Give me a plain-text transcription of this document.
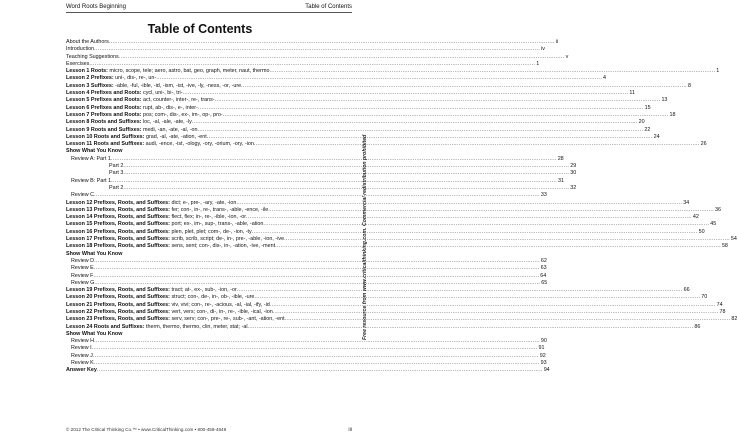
Word Roots Beginning	Table of Contents
Table of Contents
About the Authors .....	ii
Introduction .....	iv
Teaching Suggestions .....	v
Exercises .....	1
Lesson 1 Roots: micro, scope, tele; aero, astro, bat, geo, graph, meter, naut, thermo .....	1
Lesson 2 Prefixes: uni-, dis-, re-, un- .....	4
Lesson 3 Suffixes: -able, -ful, -ible, -id, -ism, -ist, -ive, -ly, -ness, -or, -ure .....	8
Lesson 4 Prefixes and Roots: cycl, uni-, bi-, tri- .....	11
Lesson 5 Prefixes and Roots: act, counter-, inter-, re-, trans- .....	13
Lesson 6 Prefixes and Roots: rupt, ab-, dis-, e-, inter- .....	15
Lesson 7 Prefixes and Roots: pos; com-, dis-, ex-, im-, op-, pro- .....	18
Lesson 8 Roots and Suffixes: loc, -al, -ale, -ate, -ly .....	20
Lesson 9 Roots and Suffixes: medi, -an, -ate, -al, -on .....	22
Lesson 10 Roots and Suffixes: grad, -al, -ate, -ation, -ent .....	24
Lesson 11 Roots and Suffixes: audi, -ence, -ist, -ology, -ory, -orium, -ory, -ion .....	26
Show What You Know
Review A: Part 1 .....	28
Part 2 .....	29
Part 3 .....	30
Review B: Part 1 .....	31
Part 2 .....	32
Review C .....	33
Lesson 12 Prefixes, Roots, and Suffixes: dict; e-, pre-, -ary, -ate, -ion .....	34
Lesson 13 Prefixes, Roots, and Suffixes: fer; con-, in-, re-, trans-, -able, -ence, -ile .....	36
Lesson 14 Prefixes, Roots, and Suffixes: flect, flex; in-, re-, -ible, -ion, -or .....	42
Lesson 15 Prefixes, Roots, and Suffixes: port; ex-, im-, sup-, trans-, -able, -ation .....	45
Lesson 16 Prefixes, Roots, and Suffixes: plen, plet, plet; com-, de-, -ion, -ty .....	50
Lesson 17 Prefixes, Roots, and Suffixes: scrib, scrib, script; de-, in-, pre-, -able, -ion, -ive .....	54
Lesson 18 Prefixes, Roots, and Suffixes: sens, sent; con-, dis-, in-, -ation, -ive, -ment .....	58
Show What You Know
Review D .....	62
Review E .....	63
Review F .....	64
Review G .....	65
Lesson 19 Prefixes, Roots, and Suffixes: tract; at-, ex-, sub-, -ion, -or .....	66
Lesson 20 Prefixes, Roots, and Suffixes: struct; con-, de-, in-, ob-, -ible, -ure .....	70
Lesson 21 Prefixes, Roots, and Suffixes: viv, vivi; con-, re-, -acious, -al, -ial, -ify, -id .....	74
Lesson 22 Prefixes, Roots, and Suffixes: vert, vers; con-, di-, in-, re-, -ible, -ical, -ion .....	78
Lesson 23 Prefixes, Roots, and Suffixes: serv, serv; con-, pre-, re-, sub-, -ant, -ation, -ent .....	82
Lesson 24 Roots and Suffixes: therm, thermo, thermo, clin, meter, stat; -al .....	86
Show What You Know
Review H .....	90
Review I .....	91
Review J .....	92
Review K .....	93
Answer Key .....	94
Free resource from www.criticalthinking.com. Commercial redistribution prohibited
© 2012 The Critical Thinking Co.™ • www.CriticalThinking.com • 800-458-4849	iii
